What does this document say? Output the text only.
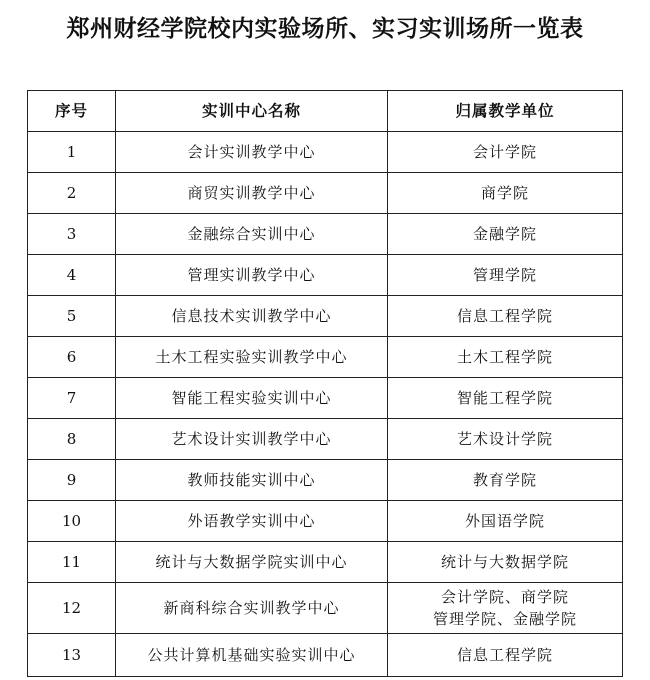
郑州财经学院校内实验场所、实习实训场所一览表
序号	实训中心名称	归属教学单位
1	会计实训教学中心	会计学院
2	商贸实训教学中心	商学院
3	金融综合实训中心	金融学院
4	管理实训教学中心	管理学院
5	信息技术实训教学中心	信息工程学院
6	土木工程实验实训教学中心	土木工程学院
7	智能工程实验实训中心	智能工程学院
8	艺术设计实训教学中心	艺术设计学院
9	教师技能实训中心	教育学院
10	外语教学实训中心	外国语学院
11	统计与大数据学院实训中心	统计与大数据学院
12	新商科综合实训教学中心	会计学院、商学院
管理学院、金融学院

13	公共计算机基础实验实训中心	信息工程学院
